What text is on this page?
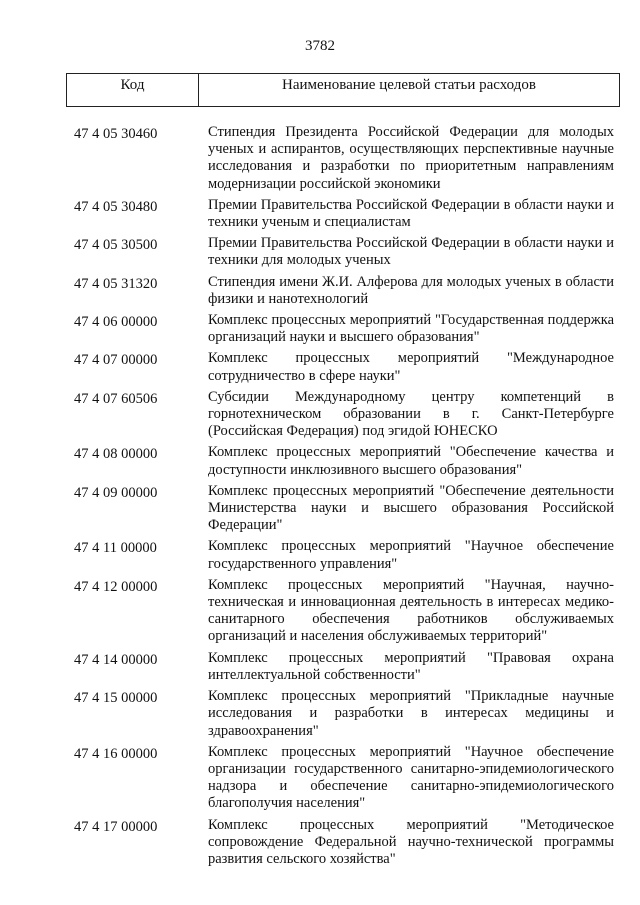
3782
Код	Наименование целевой статьи расходов
47 4 05 30460	Стипендия Президента Российской Федерации для молодых ученых и аспирантов, осуществляющих перспективные научные исследования и разработки по приоритетным направлениям модернизации российской экономики
47 4 05 30480	Премии Правительства Российской Федерации в области науки и техники ученым и специалистам
47 4 05 30500	Премии Правительства Российской Федерации в области науки и техники для молодых ученых
47 4 05 31320	Стипендия имени Ж.И. Алферова для молодых ученых в области физики и нанотехнологий
47 4 06 00000	Комплекс процессных мероприятий "Государственная поддержка организаций науки и высшего образования"
47 4 07 00000	Комплекс процессных мероприятий "Международное сотрудничество в сфере науки"
47 4 07 60506	Субсидии Международному центру компетенций в горнотехническом образовании в г. Санкт-Петербурге (Российская Федерация) под эгидой ЮНЕСКО
47 4 08 00000	Комплекс процессных мероприятий "Обеспечение качества и доступности инклюзивного высшего образования"
47 4 09 00000	Комплекс процессных мероприятий "Обеспечение деятельности Министерства науки и высшего образования Российской Федерации"
47 4 11 00000	Комплекс процессных мероприятий "Научное обеспечение государственного управления"
47 4 12 00000	Комплекс процессных мероприятий "Научная, научно-техническая и инновационная деятельность в интересах медико-санитарного обеспечения работников обслуживаемых организаций и населения обслуживаемых территорий"
47 4 14 00000	Комплекс процессных мероприятий "Правовая охрана интеллектуальной собственности"
47 4 15 00000	Комплекс процессных мероприятий "Прикладные научные исследования и разработки в интересах медицины и здравоохранения"
47 4 16 00000	Комплекс процессных мероприятий "Научное обеспечение организации государственного санитарно-эпидемиологического надзора и обеспечение санитарно-эпидемиологического благополучия населения"
47 4 17 00000	Комплекс процессных мероприятий "Методическое сопровождение Федеральной научно-технической программы развития сельского хозяйства"
